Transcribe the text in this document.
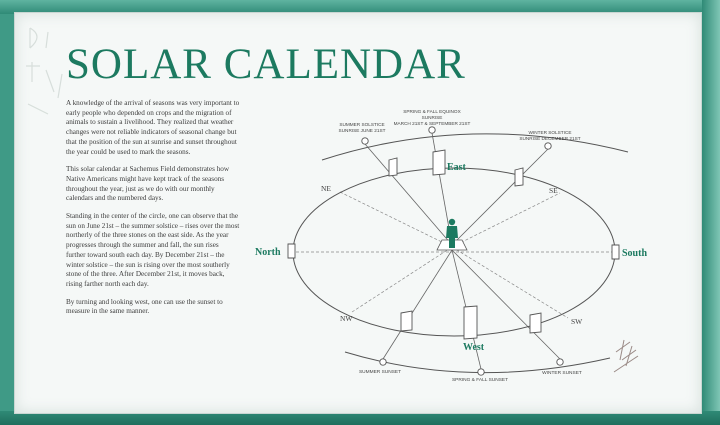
SOLAR CALENDAR

A knowledge of the arrival of seasons was very important to early people who depended on crops and the migration of animals to sustain a livelihood. They realized that weather changes were not reliable indicators of seasonal change but that the position of the sun at sunrise and sunset throughout the year could be used to mark the seasons.

This solar calendar at Sachemus Field demonstrates how Native Americans might have kept track of the seasons throughout the year, just as we do with our monthly calendars and the numbered days.

Standing in the center of the circle, one can observe that the sun on June 21st – the summer solstice – rises over the most northerly of the three stones on the east side. As the year progresses through the summer and fall, the sun rises further toward south each day. By December 21st – the winter solstice – the sun is rising over the most southerly stone of the three. After December 21st, it moves back, rising farther north each day.

By turning and looking west, one can use the sunset to measure in the same manner.

North	South
East
West
NE	SE
NW	SW
SUMMER SOLSTICE
SUNRISE JUNE 21ST
SPRING & FALL EQUINOX
SUNRISE
MARCH 21ST & SEPTEMBER 21ST
WINTER SOLSTICE
SUNRISE DECEMBER 21ST
SUMMER SUNSET
SPRING & FALL SUNSET
WINTER SUNSET
